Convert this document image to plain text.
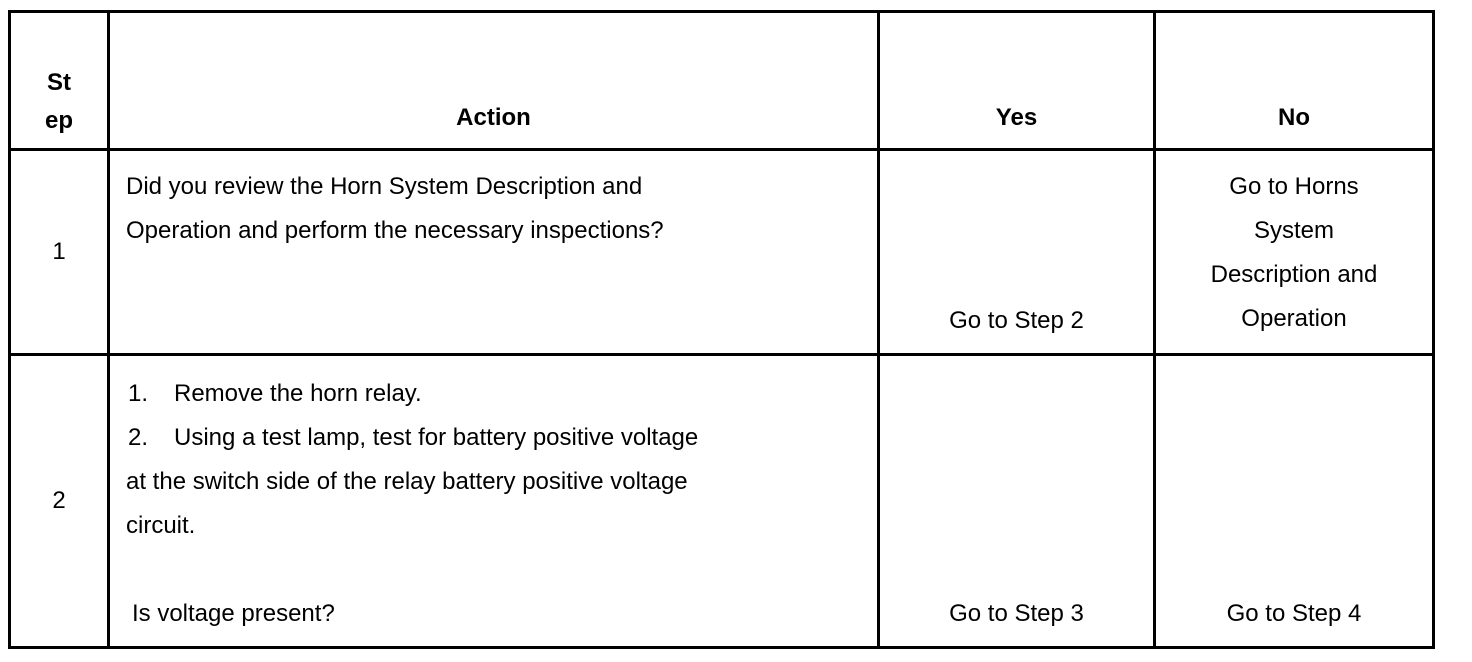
St
ep	Action	Yes	No
1	Did you review the Horn System Description and
Operation and perform the necessary inspections?	Go to Step 2	Go to Horns
System
Description and
Operation

2	1. Remove the horn relay.
2. Using a test lamp, test for battery positive voltage
at the switch side of the relay battery positive voltage
circuit.
Is voltage present?	Go to Step 3	Go to Step 4
